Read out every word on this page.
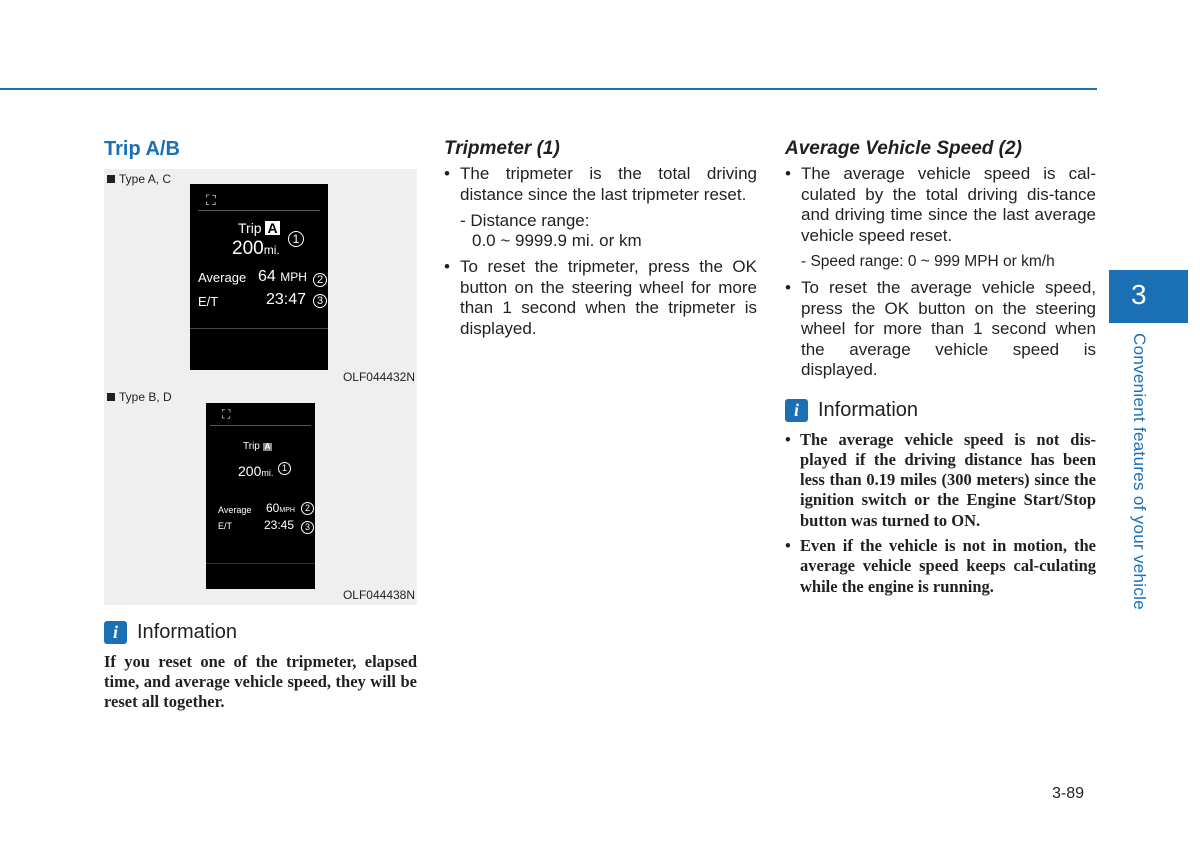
Trip A/B
Type A, C
⛶
Trip A
200mi.
1
Average 64 MPH 2
E/T	23:47 3
OLF044432N
Type B, D
⛶
Trip A
200mi. 1
Average 60MPH	2
E/T	23:45	3
OLF044438N
i Information

If you reset one of the tripmeter, elapsed time, and average vehicle speed, they will be reset all together.

Tripmeter (1)
• The tripmeter is the total driving distance since the last tripmeter reset.

- Distance range:

0.0 ~ 9999.9 mi. or km

• To reset the tripmeter, press the OK button on the steering wheel for more than 1 second when the tripmeter is displayed.
Average Vehicle Speed (2)
• The average vehicle speed is cal-culated by the total driving dis-tance and driving time since the last average vehicle speed reset.

- Speed range: 0 ~ 999 MPH or km/h

• To reset the average vehicle speed, press the OK button on the steering wheel for more than 1 second when the average vehicle speed is displayed.
i Information
• The average vehicle speed is not dis-played if the driving distance has been less than 0.19 miles (300 meters) since the ignition switch or the Engine Start/Stop button was turned to ON.
• Even if the vehicle is not in motion, the average vehicle speed keeps cal-culating while the engine is running.
3
Convenient features of your vehicle
3-89
